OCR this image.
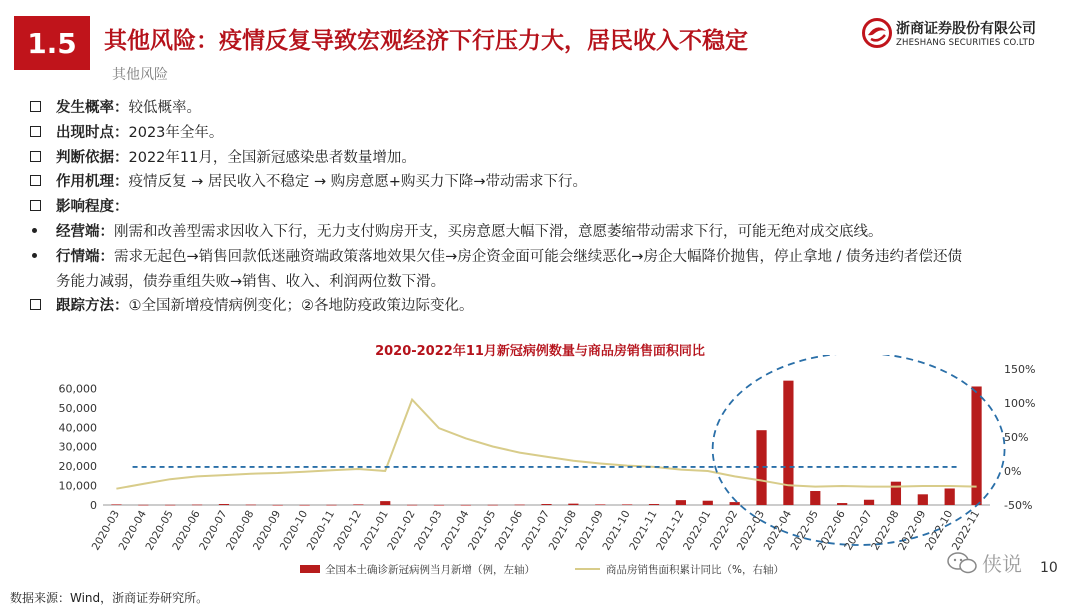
1.5	其他风险：疫情反复导致宏观经济下行压力大，居民收入不稳定
其他风险
浙商证券股份有限公司
ZHESHANG SECURITIES CO.LTD
发生概率： 较低概率。
出现时点： 2023年全年。
判断依据： 2022年11月，全国新冠感染患者数量增加。
作用机理： 疫情反复 → 居民收入不稳定 → 购房意愿+购买力下降→带动需求下行。
影响程度：
经营端： 刚需和改善型需求因收入下行，无力支付购房开支，买房意愿大幅下滑，意愿萎缩带动需求下行，可能无绝对成交底线。
行情端： 需求无起色→销售回款低迷融资端政策落地效果欠佳→房企资金面可能会继续恶化→房企大幅降价抛售，停止拿地 / 债务违约者偿还债
务能力减弱，债券重组失败→销售、收入、利润两位数下滑。
跟踪方法： ①全国新增疫情病例变化；②各地防疫政策边际变化。
2020-2022年11月新冠病例数量与商品房销售面积同比
0
10,000
20,000
30,000
40,000
50,000
60,000
-50%
0%
50%
100%
150%
2020-03
2020-04
2020-05
2020-06
2020-07
2020-08
2020-09
2020-10
2020-11
2020-12
2021-01
2021-02
2021-03
2021-04
2021-05
2021-06
2021-07
2021-08
2021-09
2021-10
2021-11
2021-12
2022-01
2022-02
2022-03
2022-04
2022-05
2022-06
2022-07
2022-08
2022-09
2022-10
2022-11
全国本土确诊新冠病例当月新增（例，左轴）	商品房销售面积累计同比（%，右轴）
数据来源：Wind，浙商证券研究所。
10
侠说
